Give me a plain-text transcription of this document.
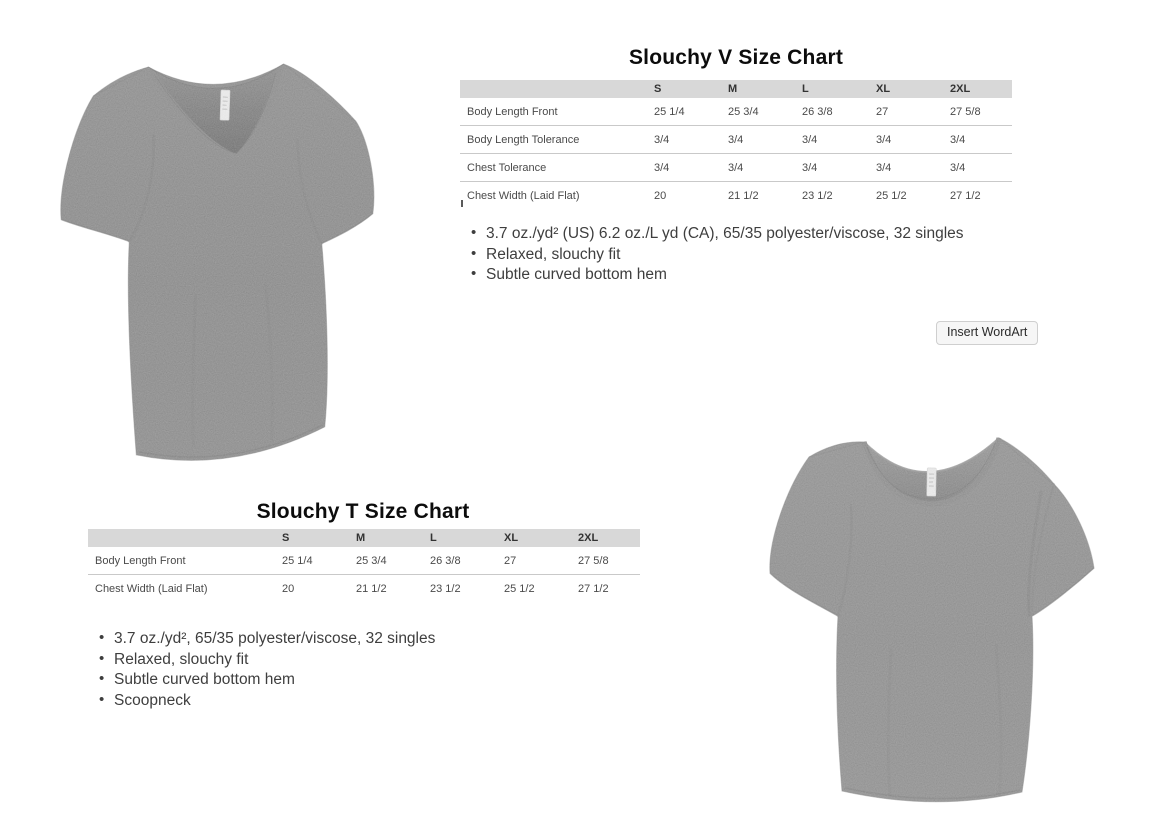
Slouchy V Size Chart
	S	M	L	XL	2XL
Body Length Front	25 1/4	25 3/4	26 3/8	27	27 5/8
Body Length Tolerance	3/4	3/4	3/4	3/4	3/4
Chest Tolerance	3/4	3/4	3/4	3/4	3/4
Chest Width (Laid Flat)	20	21 1/2	23 1/2	25 1/2	27 1/2
• 3.7 oz./yd² (US) 6.2 oz./L yd (CA), 65/35 polyester/viscose, 32 singles
• Relaxed, slouchy fit
• Subtle curved bottom hem
Insert WordArt
Slouchy T Size Chart
	S	M	L	XL	2XL
Body Length Front	25 1/4	25 3/4	26 3/8	27	27 5/8
Chest Width (Laid Flat)	20	21 1/2	23 1/2	25 1/2	27 1/2
• 3.7 oz./yd², 65/35 polyester/viscose, 32 singles
• Relaxed, slouchy fit
• Subtle curved bottom hem
• Scoopneck
